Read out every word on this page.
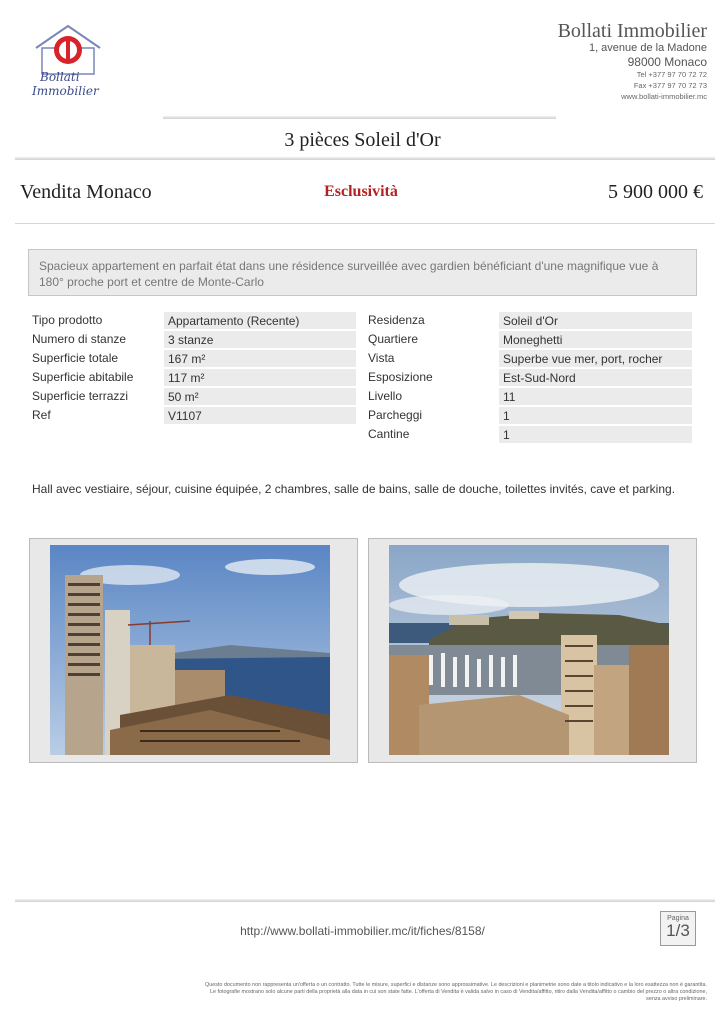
Bollati
Immobilier
Bollati Immobilier
1, avenue de la Madone
98000 Monaco
Tel +377 97 70 72 72
Fax +377 97 70 72 73
www.bollati-immobilier.mc
3 pièces Soleil d'Or
Vendita Monaco	Esclusività	5 900 000 €
Spacieux appartement en parfait état dans une résidence surveillée avec gardien bénéficiant d'une magnifique vue à 180° proche port et centre de Monte-Carlo
Tipo prodotto	Appartamento (Recente)
Numero di stanze	3 stanze
Superficie totale	167 m²
Superficie abitabile	117 m²
Superficie terrazzi	50 m²
Ref	V1107
Residenza	Soleil d'Or
Quartiere	Moneghetti
Vista	Superbe vue mer, port, rocher
Esposizione	Est-Sud-Nord
Livello	11
Parcheggi	1
Cantine	1
Hall avec vestiaire, séjour, cuisine équipée, 2 chambres, salle de bains, salle de douche, toilettes invités, cave et parking.
http://www.bollati-immobilier.mc/it/fiches/8158/
Pagina
1/3
Questo documento non rappresenta un'offerta o un contratto. Tutte le misure, superfici e distanze sono approssimative. Le descrizioni e planimetrie sono date a titolo indicativo e la loro esattezza non è garantita.
Le fotografie mostrano solo alcune parti della proprietà alla data in cui son state fatte. L'offerta di Vendita è valida salvo in caso di Vendita/affitto, ritiro dalla Vendita/affitto o cambio del prezzo o altra condizione,
senza avviso preliminare.
